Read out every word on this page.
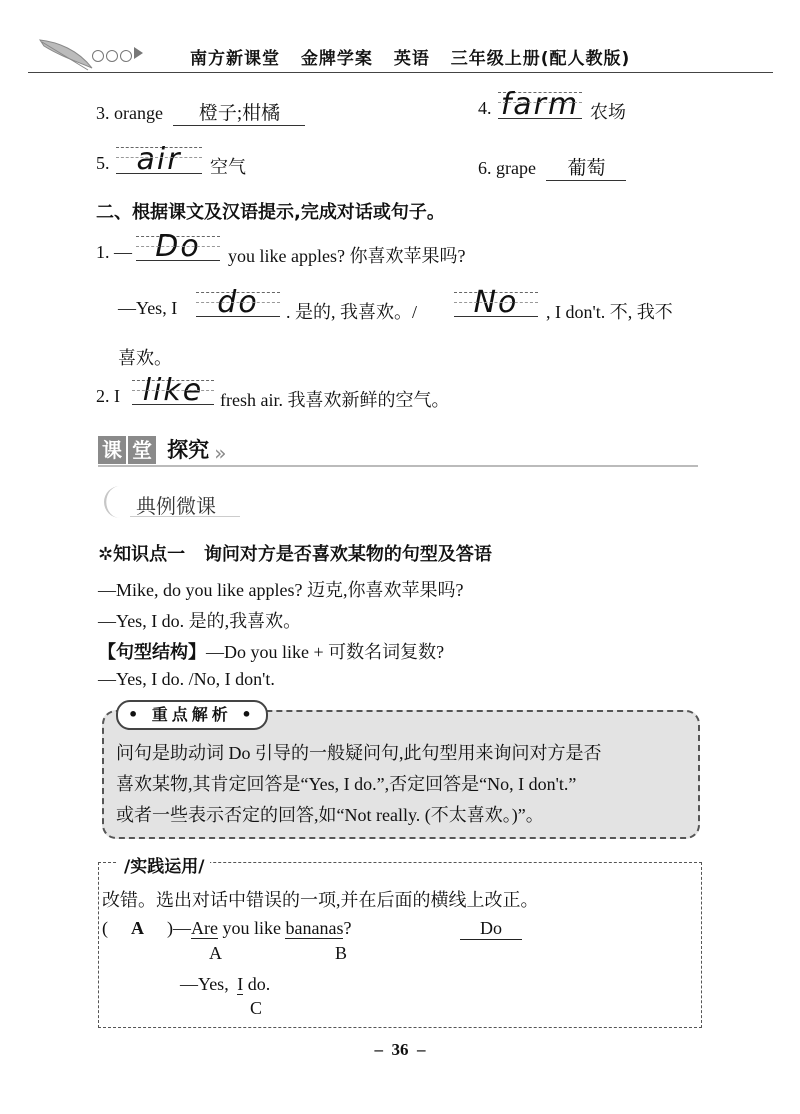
南方新课堂 金牌学案 英语 三年级上册(配人教版)
3. orange 橙子;柑橘	4. farm 农场
5. air	空气	6. grape 葡萄
二、根据课文及汉语提示,完成对话或句子。
1. — Do	you like apples? 你喜欢苹果吗?
—Yes, I	do	. 是的, 我喜欢。/	No	, I don't. 不, 我不
喜欢。
2. I like fresh air. 我喜欢新鲜的空气。
课 堂 探究 »
典例微课
✲知识点一   询问对方是否喜欢某物的句型及答语
—Mike, do you like apples? 迈克,你喜欢苹果吗?
—Yes, I do. 是的,我喜欢。
【句型结构】—Do you like + 可数名词复数?
—Yes, I do. /No, I don't.
• 重点解析 •
问句是助动词 Do 引导的一般疑问句,此句型用来询问对方是否
喜欢某物,其肯定回答是“Yes, I do.”,否定回答是“No, I don't.”
或者一些表示否定的回答,如“Not really. (不太喜欢。)”。
/实践运用/
改错。选出对话中错误的一项,并在后面的横线上改正。
( A )—Are you like bananas?	Do
A	B
—Yes, I do.
C
–  36  –
